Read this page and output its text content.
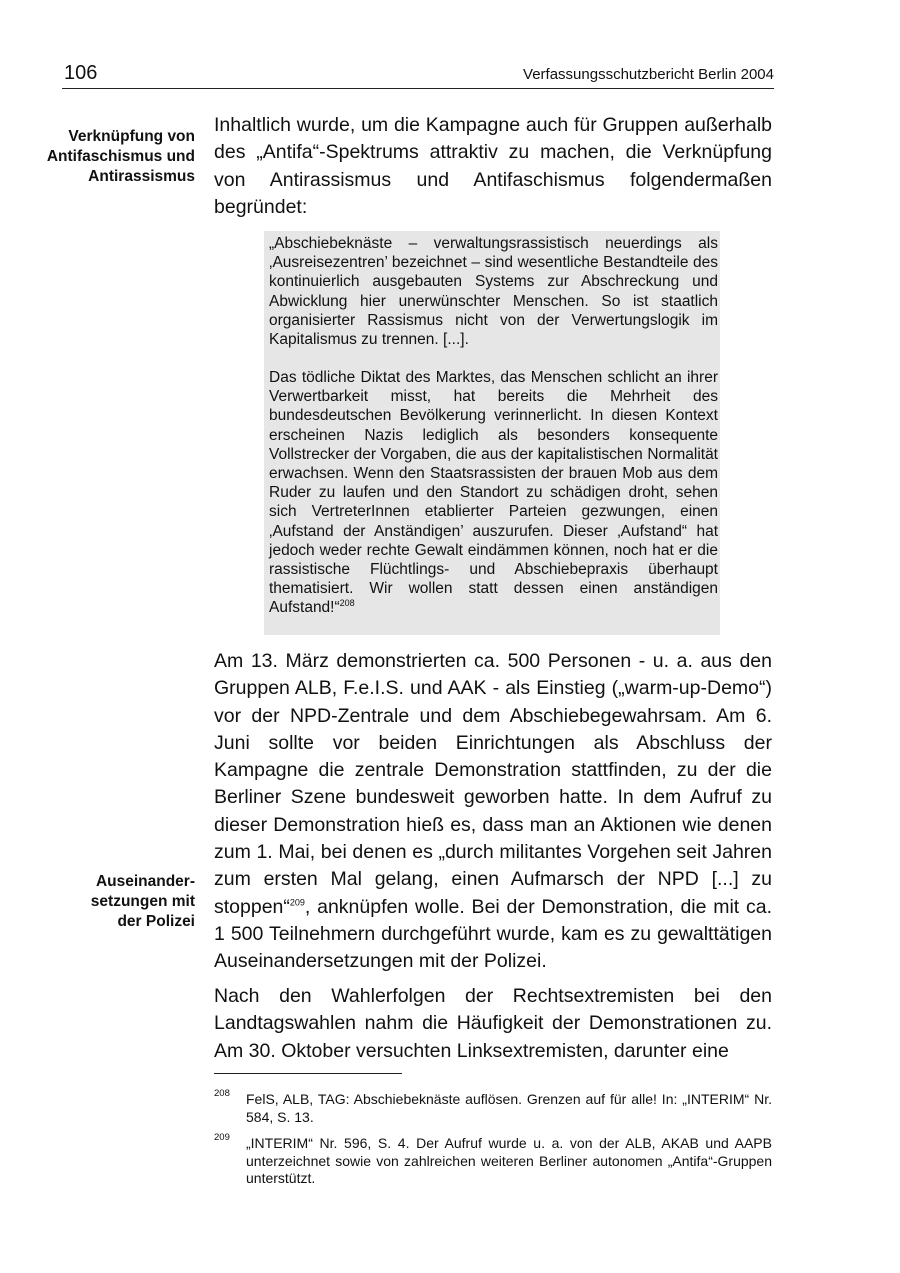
106	Verfassungsschutzbericht Berlin 2004
Verknüpfung von
Antifaschismus und
Antirassismus
Auseinander-
setzungen mit
der Polizei

Inhaltlich wurde, um die Kampagne auch für Gruppen außerhalb des „Antifa“-Spektrums attraktiv zu machen, die Verknüpfung von Antirassismus und Antifaschismus folgendermaßen begründet:

„Abschiebeknäste – verwaltungsrassistisch neuerdings als ‚Ausreisezentren’ bezeichnet – sind wesentliche Bestandteile des kontinuierlich ausgebauten Systems zur Abschreckung und Abwicklung hier unerwünschter Menschen. So ist staatlich organisierter Rassismus nicht von der Verwertungslogik im Kapitalismus zu trennen. [...].

Das tödliche Diktat des Marktes, das Menschen schlicht an ihrer Verwertbarkeit misst, hat bereits die Mehrheit des bundesdeutschen Bevölkerung verinnerlicht. In diesen Kontext erscheinen Nazis lediglich als besonders konsequente Vollstrecker der Vorgaben, die aus der kapitalistischen Normalität erwachsen. Wenn den Staatsrassisten der brauen Mob aus dem Ruder zu laufen und den Standort zu schädigen droht, sehen sich VertreterInnen etablierter Parteien gezwungen, einen ‚Aufstand der Anständigen’ auszurufen. Dieser ‚Aufstand“ hat jedoch weder rechte Gewalt eindämmen können, noch hat er die rassistische Flüchtlings- und Abschiebepraxis überhaupt thematisiert. Wir wollen statt dessen einen anständigen Aufstand!“$^{208}$

Am 13. März demonstrierten ca. 500 Personen - u. a. aus den Gruppen ALB, F.e.I.S. und AAK - als Einstieg („warm-up-Demo“) vor der NPD-Zentrale und dem Abschiebegewahrsam. Am 6. Juni sollte vor beiden Einrichtungen als Abschluss der Kampagne die zentrale Demonstration stattfinden, zu der die Berliner Szene bundesweit geworben hatte. In dem Aufruf zu dieser Demonstration hieß es, dass man an Aktionen wie denen zum 1. Mai, bei denen es „durch militantes Vorgehen seit Jahren zum ersten Mal gelang, einen Aufmarsch der NPD [...] zu stoppen“$^{209}$, anknüpfen wolle. Bei der Demonstration, die mit ca. 1 500 Teilnehmern durchgeführt wurde, kam es zu gewalttätigen Auseinandersetzungen mit der Polizei.

Nach den Wahlerfolgen der Rechtsextremisten bei den Landtagswahlen nahm die Häufigkeit der Demonstrationen zu. Am 30. Oktober versuchten Linksextremisten, darunter eine

208 FelS, ALB, TAG: Abschiebeknäste auflösen. Grenzen auf für alle! In: „INTERIM“ Nr. 584, S. 13.

209 „INTERIM“ Nr. 596, S. 4. Der Aufruf wurde u. a. von der ALB, AKAB und AAPB unterzeichnet sowie von zahlreichen weiteren Berliner autonomen „Antifa“-Gruppen unterstützt.
